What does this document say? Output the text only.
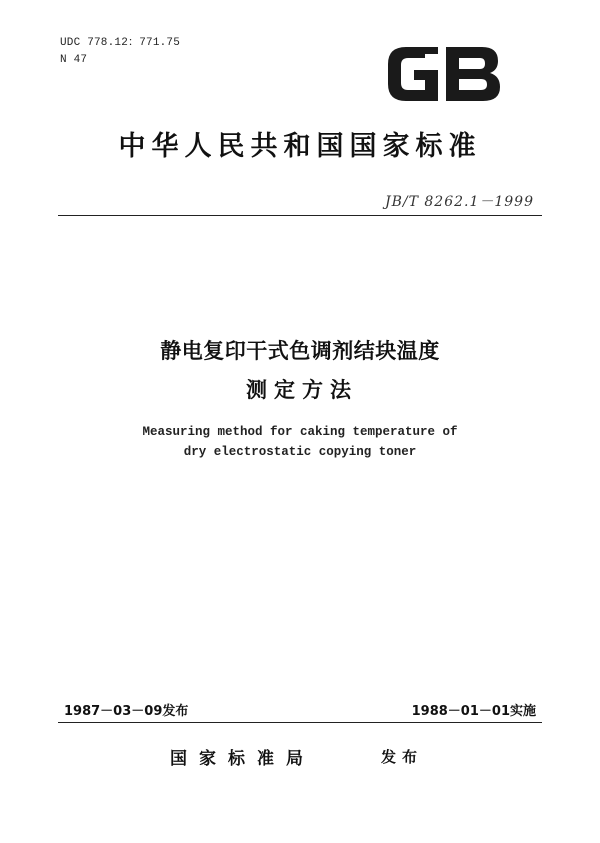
UDC 778.12：771.75
N 47
中华人民共和国国家标准
JB/T 8262.1－1999
静电复印干式色调剂结块温度
测定方法
Measuring method for caking temperature of
dry electrostatic copying toner
1987－03－09发布	1988－01－01实施
国家标准局	发布
